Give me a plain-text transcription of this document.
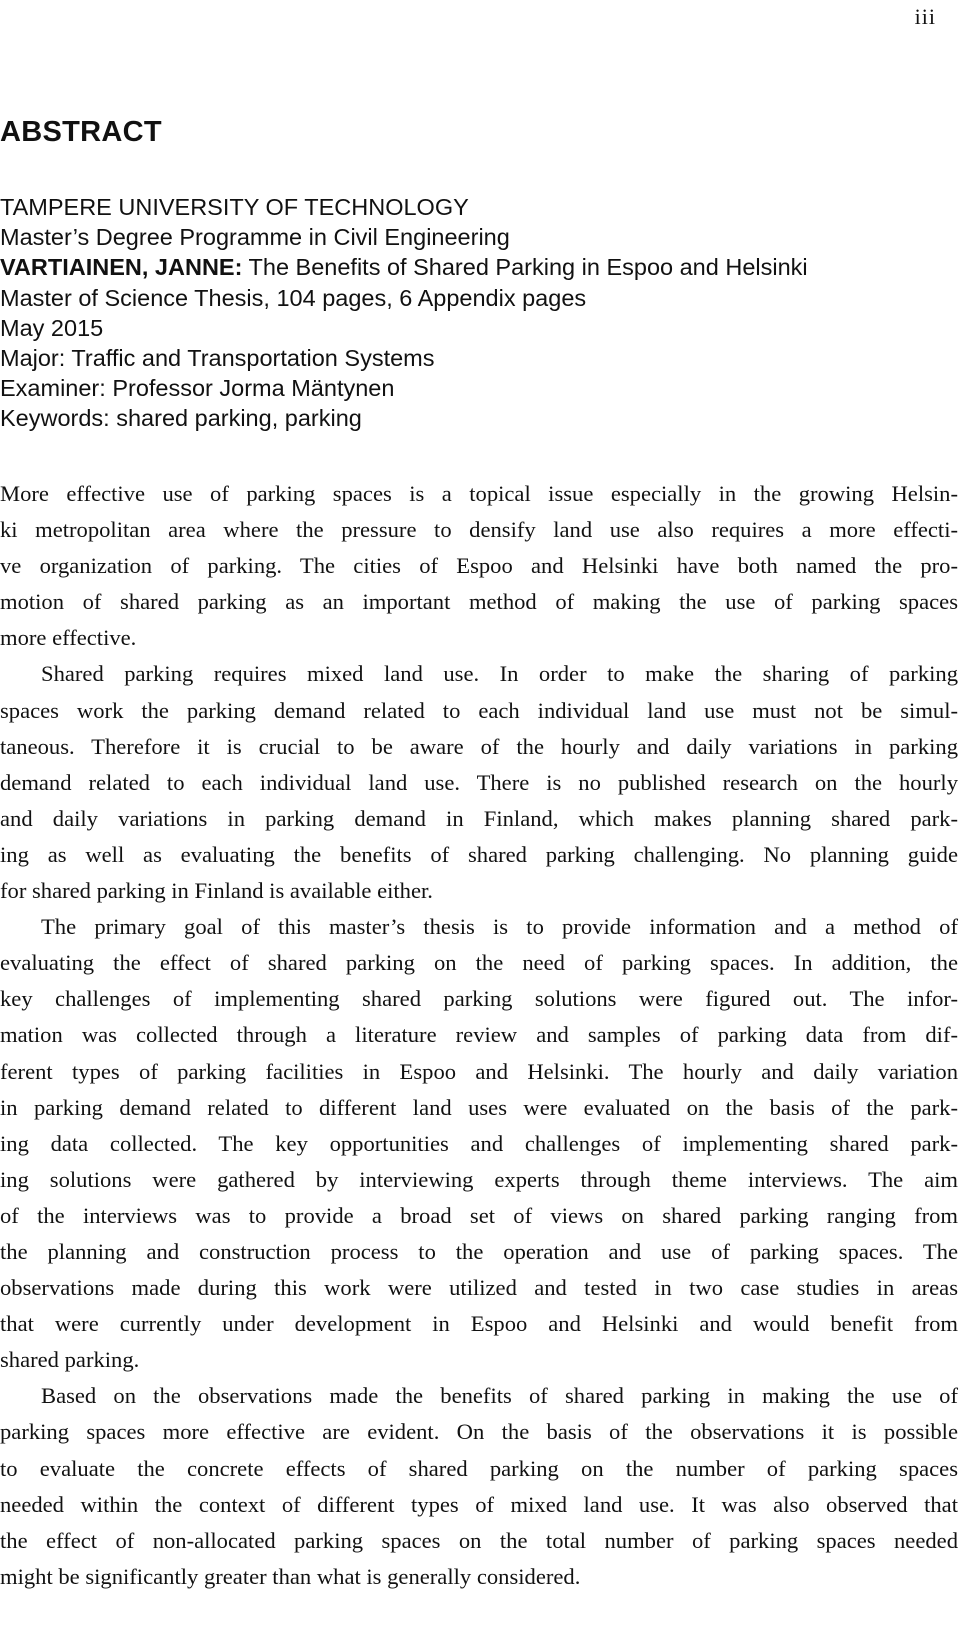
iii
ABSTRACT
TAMPERE UNIVERSITY OF TECHNOLOGY
Master’s Degree Programme in Civil Engineering
VARTIAINEN, JANNE: The Benefits of Shared Parking in Espoo and Helsinki
Master of Science Thesis, 104 pages, 6 Appendix pages
May 2015
Major: Traffic and Transportation Systems
Examiner: Professor Jorma Mäntynen
Keywords: shared parking, parking
More effective use of parking spaces is a topical issue especially in the growing Helsin-
ki metropolitan area where the pressure to densify land use also requires a more effecti-
ve organization of parking. The cities of Espoo and Helsinki have both named the pro-
motion of shared parking as an important method of making the use of parking spaces
more effective.
Shared parking requires mixed land use. In order to make the sharing of parking
spaces work the parking demand related to each individual land use must not be simul-
taneous. Therefore it is crucial to be aware of the hourly and daily variations in parking
demand related to each individual land use. There is no published research on the hourly
and daily variations in parking demand in Finland, which makes planning shared park-
ing as well as evaluating the benefits of shared parking challenging. No planning guide
for shared parking in Finland is available either.
The primary goal of this master’s thesis is to provide information and a method of
evaluating the effect of shared parking on the need of parking spaces. In addition, the
key challenges of implementing shared parking solutions were figured out. The infor-
mation was collected through a literature review and samples of parking data from dif-
ferent types of parking facilities in Espoo and Helsinki. The hourly and daily variation
in parking demand related to different land uses were evaluated on the basis of the park-
ing data collected. The key opportunities and challenges of implementing shared park-
ing solutions were gathered by interviewing experts through theme interviews. The aim
of the interviews was to provide a broad set of views on shared parking ranging from
the planning and construction process to the operation and use of parking spaces. The
observations made during this work were utilized and tested in two case studies in areas
that were currently under development in Espoo and Helsinki and would benefit from
shared parking.
Based on the observations made the benefits of shared parking in making the use of
parking spaces more effective are evident. On the basis of the observations it is possible
to evaluate the concrete effects of shared parking on the number of parking spaces
needed within the context of different types of mixed land use. It was also observed that
the effect of non-allocated parking spaces on the total number of parking spaces needed
might be significantly greater than what is generally considered.
